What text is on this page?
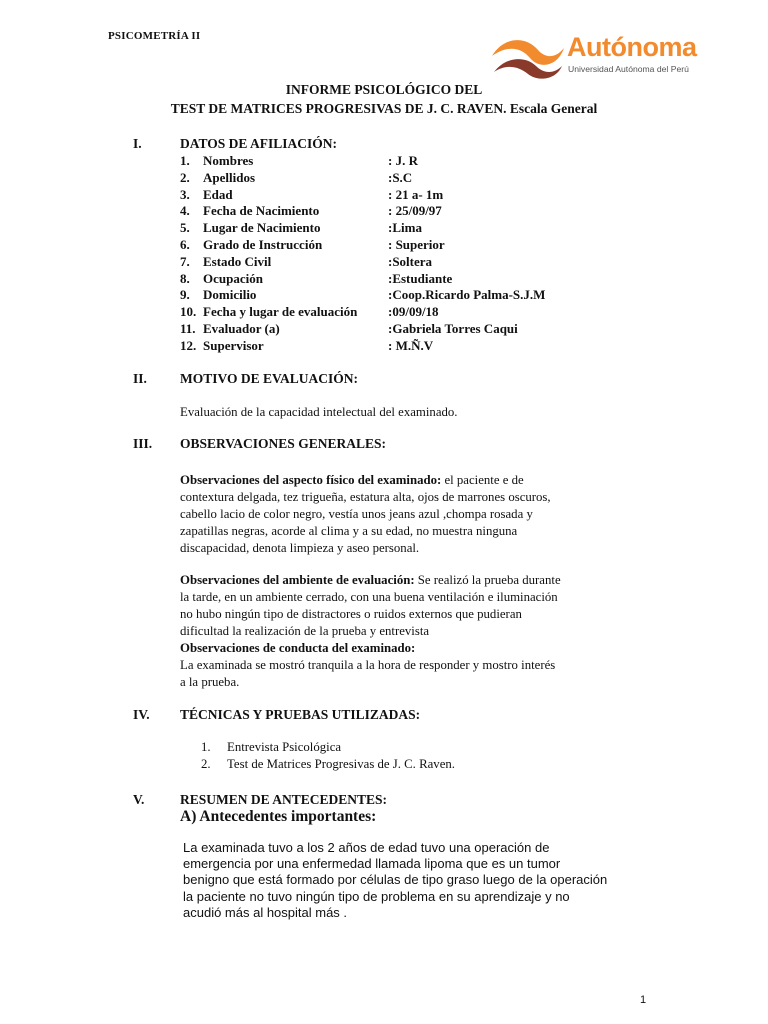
PSICOMETRÍA II	Autónoma
Universidad Autónoma del Perú
INFORME PSICOLÓGICO DEL
TEST DE MATRICES PROGRESIVAS DE J. C. RAVEN. Escala General
I.	DATOS DE AFILIACIÓN:
1. Nombres	: J. R
2. Apellidos	:S.C
3. Edad	: 21 a- 1m
4. Fecha de Nacimiento	: 25/09/97
5. Lugar de Nacimiento	:Lima
6. Grado de Instrucción	: Superior
7. Estado Civil	:Soltera
8. Ocupación	:Estudiante
9. Domicilio	:Coop.Ricardo Palma-S.J.M
10. Fecha y lugar de evaluación :09/09/18
11. Evaluador (a)	:Gabriela Torres Caqui
12. Supervisor	: M.Ñ.V
II. MOTIVO DE EVALUACIÓN:
Evaluación de la capacidad intelectual del examinado.
III. OBSERVACIONES GENERALES:
Observaciones del aspecto físico del examinado: el paciente e de
contextura delgada, tez trigueña, estatura alta, ojos de marrones oscuros,
cabello lacio de color negro, vestía unos jeans azul ,chompa rosada y
zapatillas negras, acorde al clima y a su edad, no muestra ninguna
discapacidad, denota limpieza y aseo personal.
Observaciones del ambiente de evaluación: Se realizó la prueba durante
la tarde, en un ambiente cerrado, con una buena ventilación e iluminación
no hubo ningún tipo de distractores o ruidos externos que pudieran
dificultad la realización de la prueba y entrevista
Observaciones de conducta del examinado:
La examinada se mostró tranquila a la hora de responder y mostro interés
a la prueba.
IV. TÉCNICAS Y PRUEBAS UTILIZADAS:
1. Entrevista Psicológica
2. Test de Matrices Progresivas de J. C. Raven.
V.	RESUMEN DE ANTECEDENTES:
A) Antecedentes importantes:
La examinada tuvo a los 2 años de edad tuvo una operación de
emergencia por una enfermedad llamada lipoma que es un tumor
benigno que está formado por células de tipo graso luego de la operación
la paciente no tuvo ningún tipo de problema en su aprendizaje y no
acudió más al hospital más .
1
